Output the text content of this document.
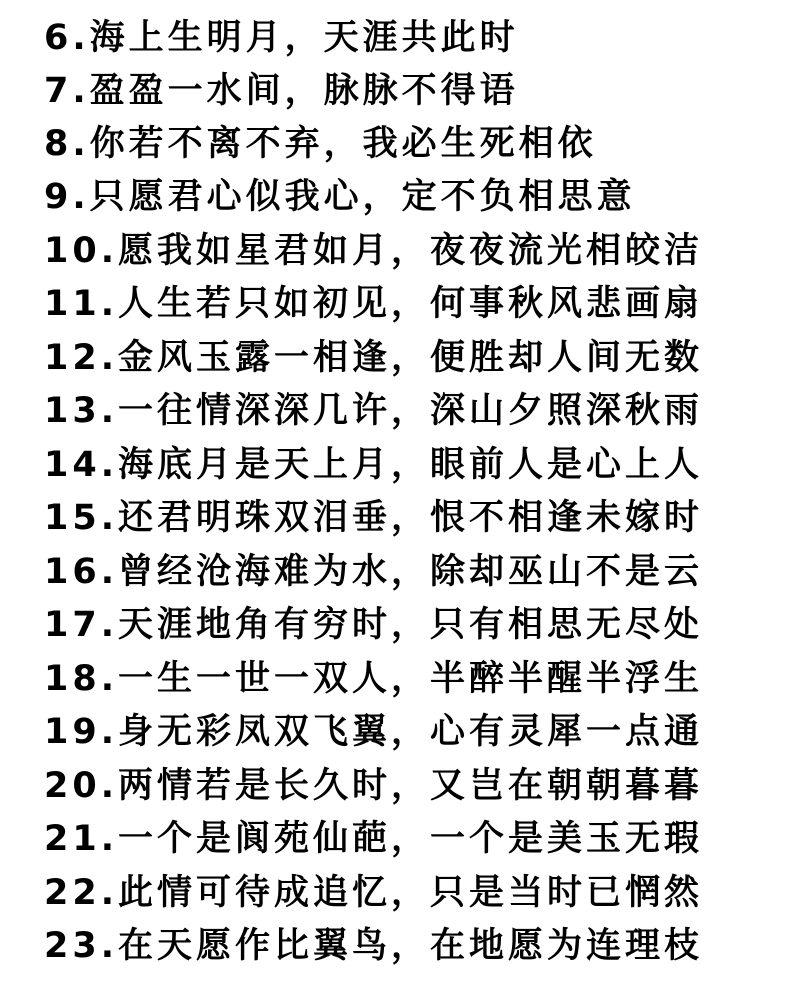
6.海上生明月，天涯共此时
7.盈盈一水间，脉脉不得语
8.你若不离不弃，我必生死相依
9.只愿君心似我心，定不负相思意
10.愿我如星君如月，夜夜流光相皎洁
11.人生若只如初见，何事秋风悲画扇
12.金风玉露一相逢，便胜却人间无数
13.一往情深深几许，深山夕照深秋雨
14.海底月是天上月，眼前人是心上人
15.还君明珠双泪垂，恨不相逢未嫁时
16.曾经沧海难为水，除却巫山不是云
17.天涯地角有穷时，只有相思无尽处
18.一生一世一双人，半醉半醒半浮生
19.身无彩凤双飞翼，心有灵犀一点通
20.两情若是长久时，又岂在朝朝暮暮
21.一个是阆苑仙葩，一个是美玉无瑕
22.此情可待成追忆，只是当时已惘然
23.在天愿作比翼鸟，在地愿为连理枝
